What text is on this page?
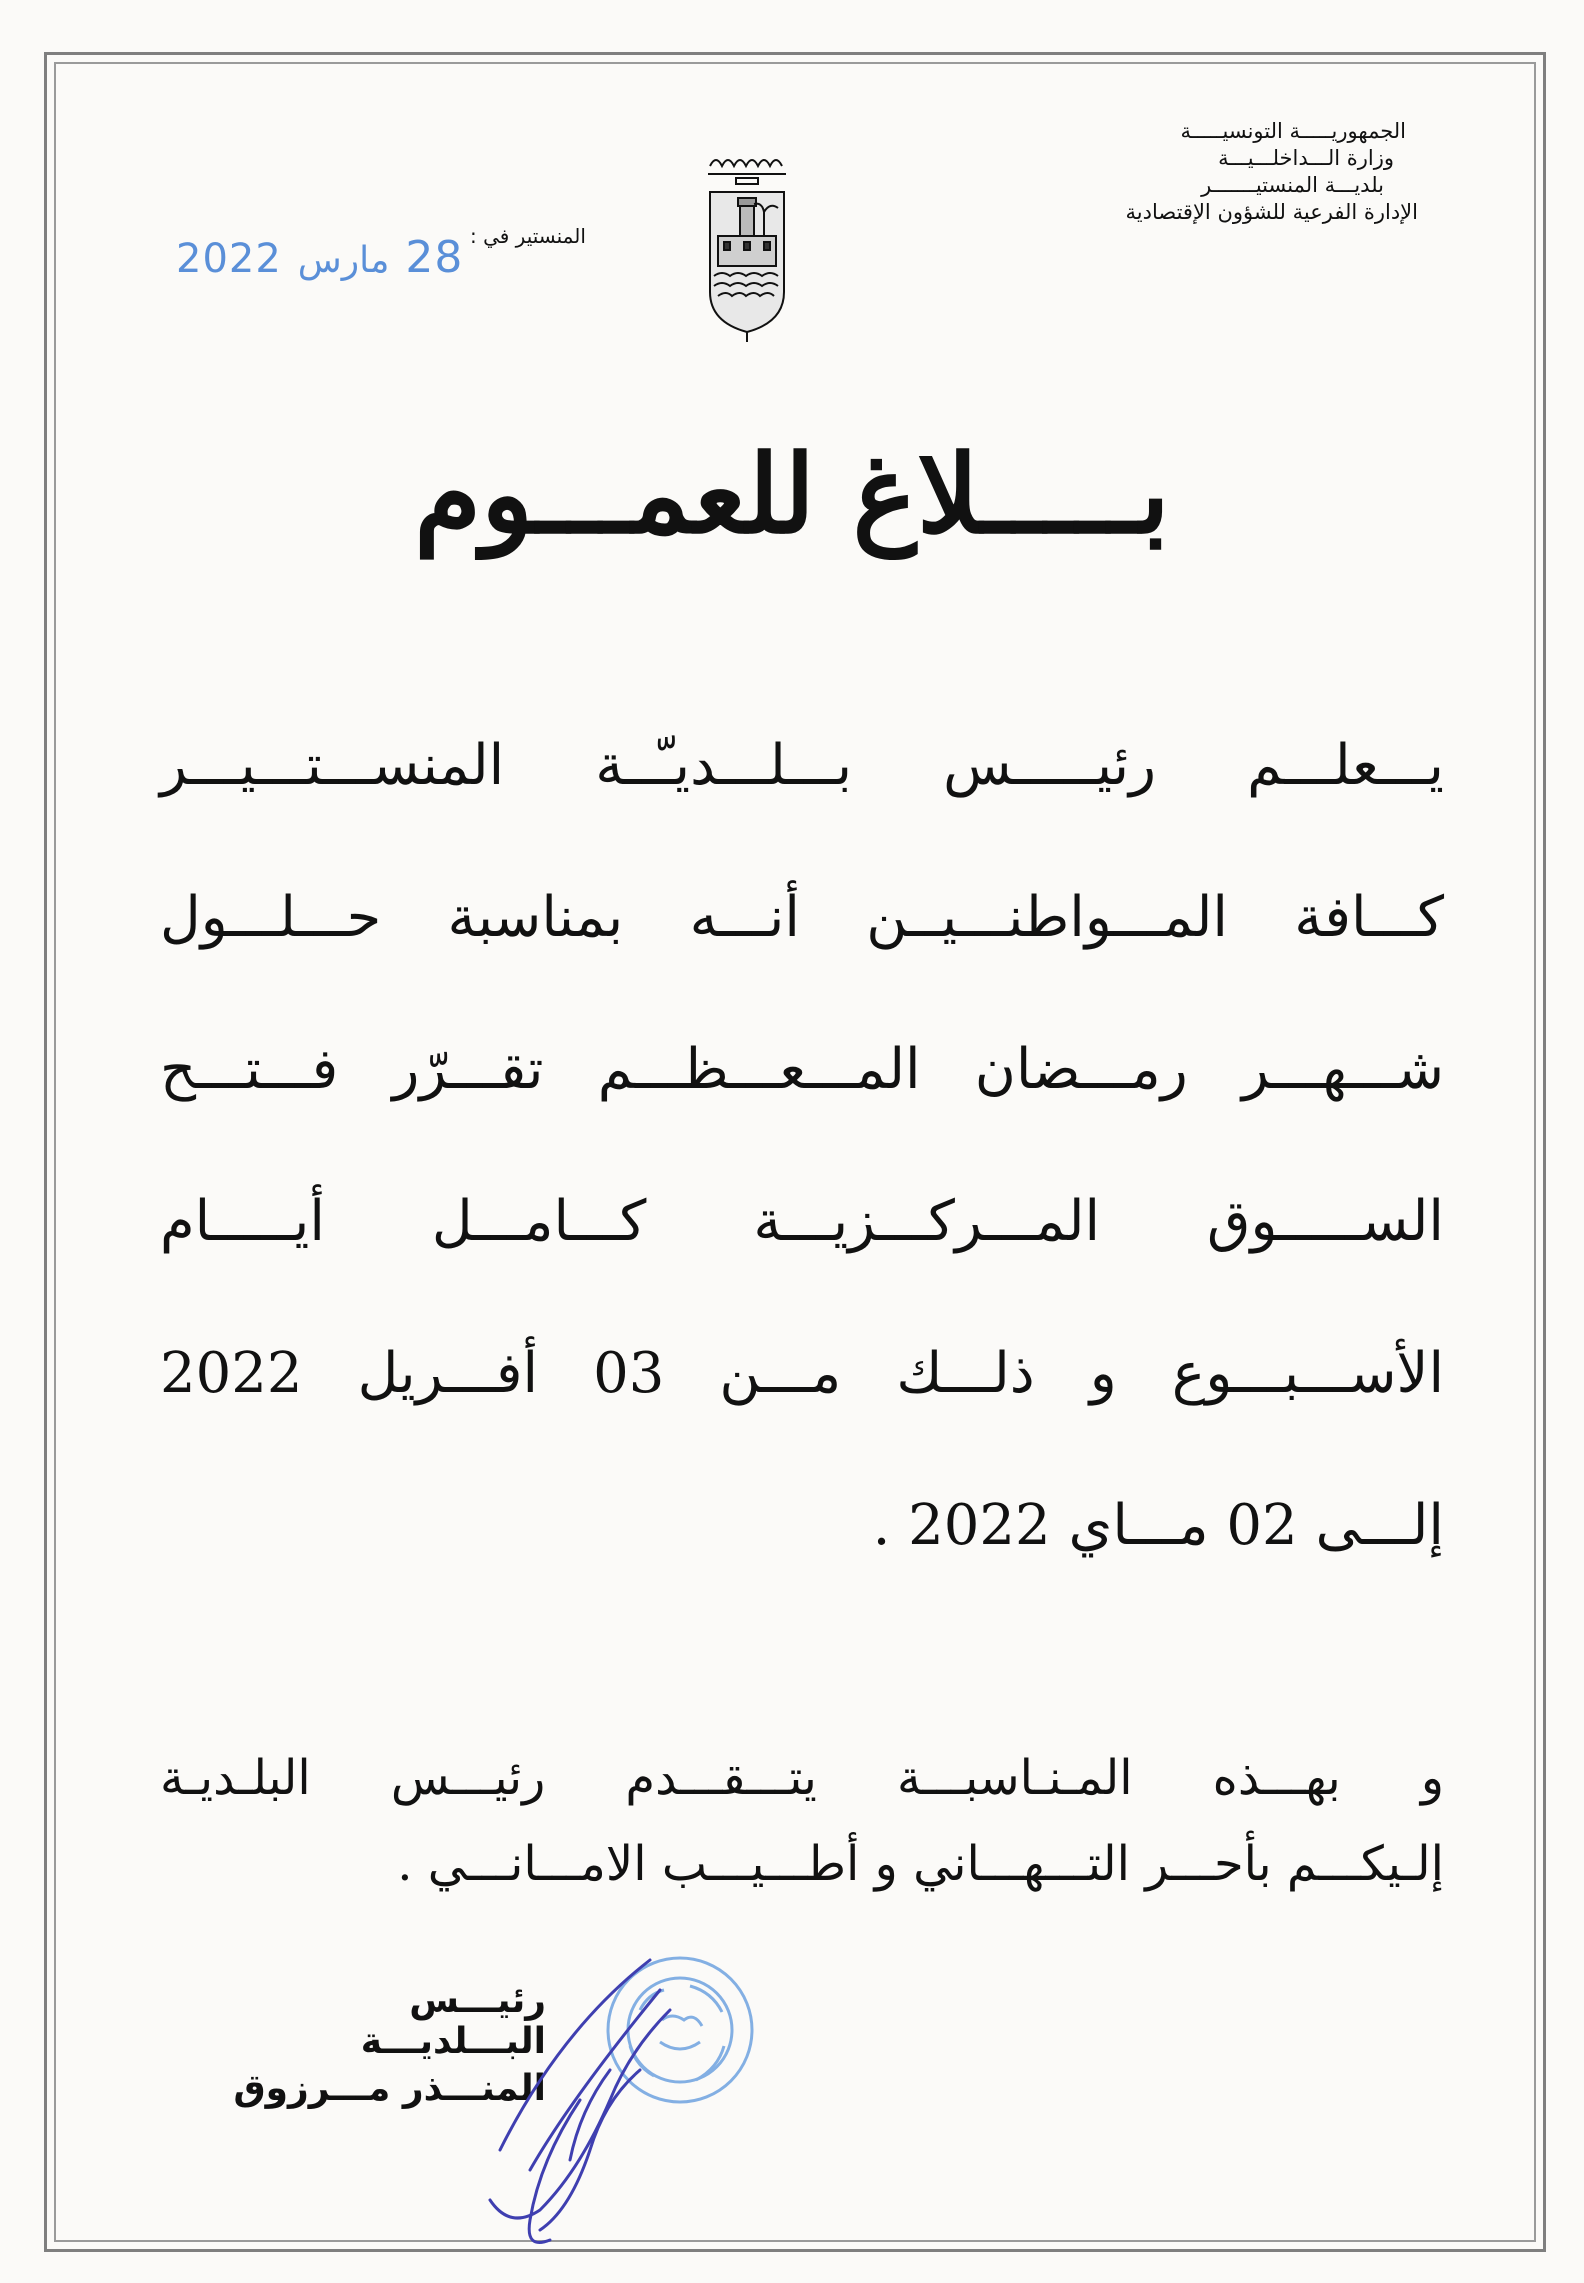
الجمهوريـــــة التونسيـــــة
وزارة الـــداخلـــيـــة
بلديـــة المنستيـــــــر
الإدارة الفرعية للشؤون الإقتصادية
المنستير في :
2022 مارس 28
بـــــلاغ للعمـــوم
يـــعلـــم رئيـــــس بـــلـــديـّــة المنســـتـــيـــر
كـــافة المـــواطنـــيــن أنـــه بمناسبة حـــلـــول
شـــهـــر رمـــضان المـــعـــظـــم تقـــرّر فـــتـــح
الســـــوق المـــركـــزيـــة كـــامـــل أيـــــام
الأســـبـــوع و ذلـــك مـــن 03 أفـــريل 2022
إلـــى 02 مـــاي 2022 .
و بهـــذه المـنـاسبـــة يتـــقـــدم رئيـــس البلـديـة
إلـيكـــم بأحـــر التـــهـــاني و أطـــيـــب الامـــانـــي .
رئيـــس البـــلديـــة
المنـــذر مـــرزوق
